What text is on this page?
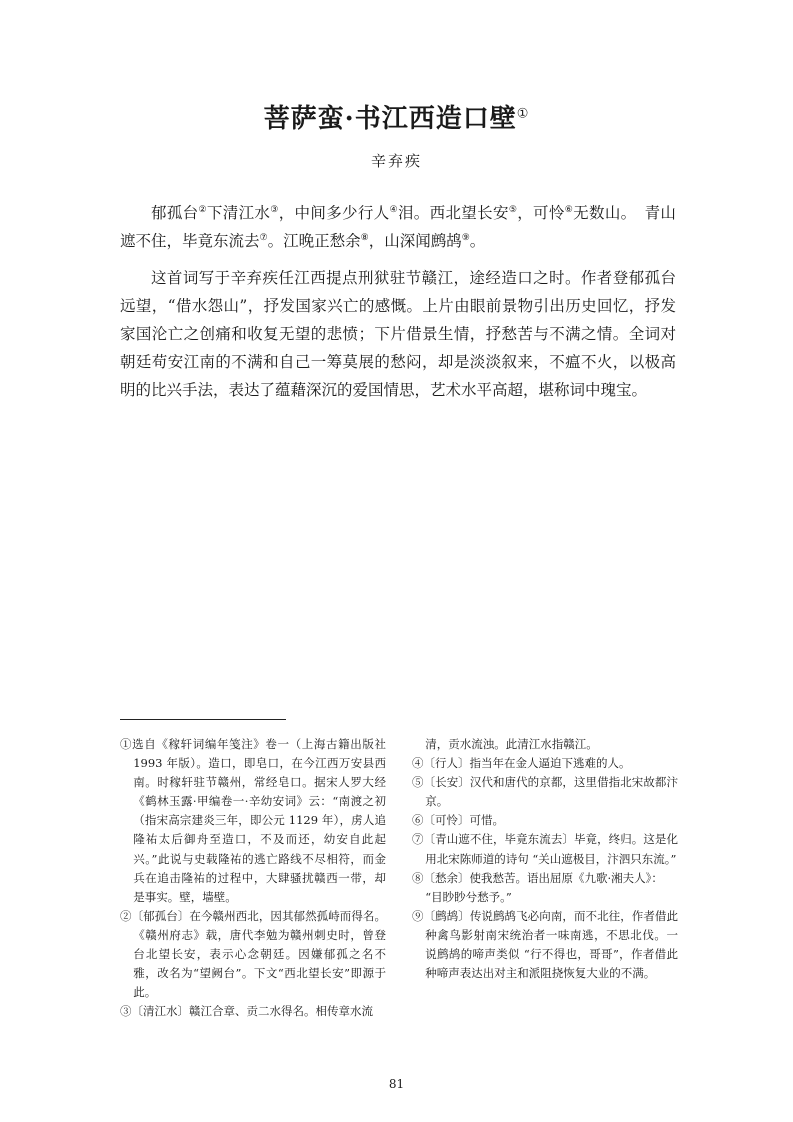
菩萨蛮·书江西造口壁①

辛弃疾

郁孤台②下清江水③，中间多少行人④泪。西北望长安⑤，可怜⑥无数山。　青山遮不住，毕竟东流去⑦。江晚正愁余⑧，山深闻鹧鸪⑨。

这首词写于辛弃疾任江西提点刑狱驻节赣江，途经造口之时。作者登郁孤台远望，“借水怨山”，抒发国家兴亡的感慨。上片由眼前景物引出历史回忆，抒发家国沦亡之创痛和收复无望的悲愤；下片借景生情，抒愁苦与不满之情。全词对朝廷苟安江南的不满和自己一筹莫展的愁闷，却是淡淡叙来，不瘟不火，以极高明的比兴手法，表达了蕴藉深沉的爱国情思，艺术水平高超，堪称词中瑰宝。

①选自《稼轩词编年笺注》卷一（上海古籍出版社 1993 年版）。造口，即皂口，在今江西万安县西南。时稼轩驻节赣州，常经皂口。据宋人罗大经《鹤林玉露·甲编卷一·辛幼安词》云：“南渡之初（指宋高宗建炎三年，即公元 1129 年），虏人追隆祐太后御舟至造口，不及而还，幼安自此起兴。”此说与史载隆祐的逃亡路线不尽相符，而金兵在追击隆祐的过程中，大肆骚扰赣西一带，却是事实。壁，墙壁。

②〔郁孤台〕在今赣州西北，因其郁然孤峙而得名。《赣州府志》载，唐代李勉为赣州刺史时，曾登台北望长安，表示心念朝廷。因嫌郁孤之名不雅，改名为“望阙台”。下文“西北望长安”即源于此。

③〔清江水〕赣江合章、贡二水得名。相传章水流

清，贡水流浊。此清江水指赣江。

④〔行人〕指当年在金人逼迫下逃难的人。

⑤〔长安〕汉代和唐代的京都，这里借指北宋故都汴京。

⑥〔可怜〕可惜。

⑦〔青山遮不住，毕竟东流去〕毕竟，终归。这是化用北宋陈师道的诗句 “关山遮极目，汴泗只东流。”

⑧〔愁余〕使我愁苦。语出屈原《九歌·湘夫人》：

“目眇眇兮愁予。”

⑨〔鹧鸪〕传说鹧鸪飞必向南，而不北往，作者借此种禽鸟影射南宋统治者一味南逃，不思北伐。一说鹧鸪的啼声类似 “行不得也，哥哥”，作者借此种啼声表达出对主和派阻挠恢复大业的不满。

81
